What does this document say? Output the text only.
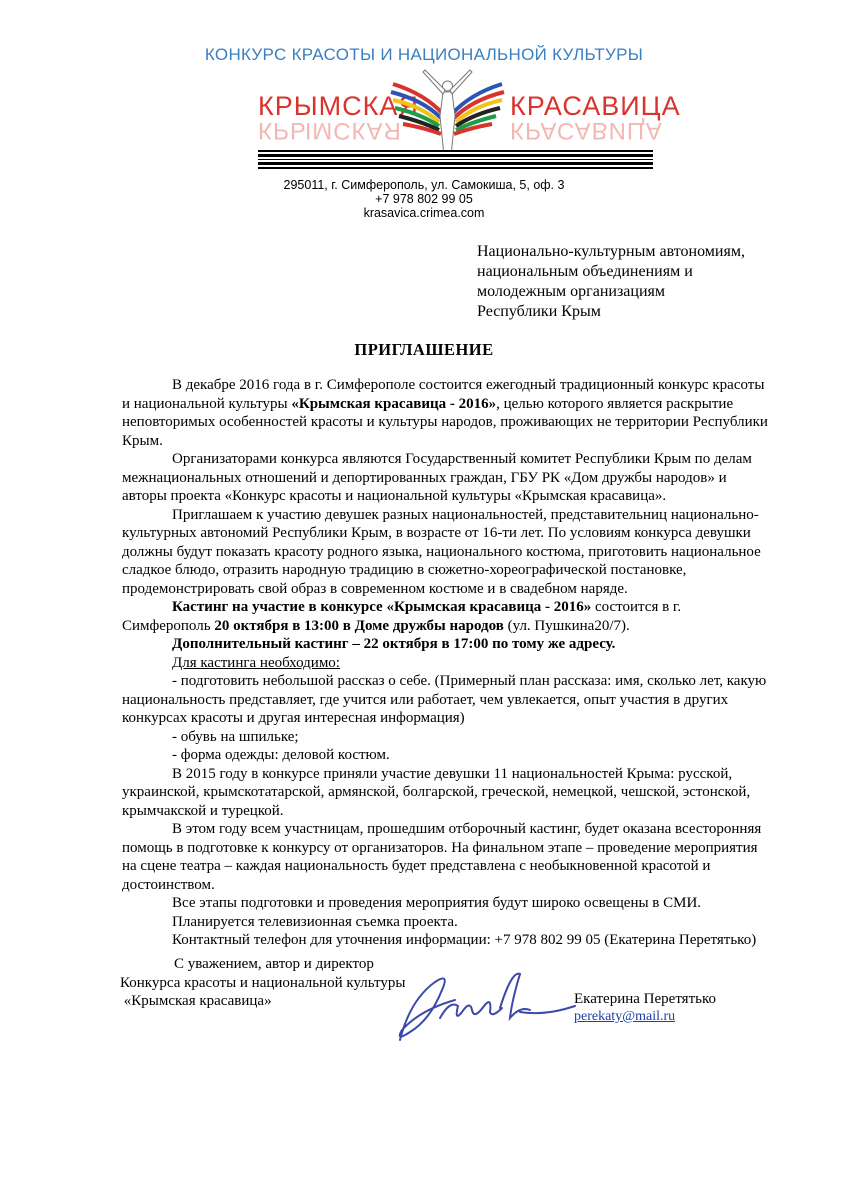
КОНКУРС КРАСОТЫ И НАЦИОНАЛЬНОЙ КУЛЬТУРЫ
КРЫМСКАЯ	КРАСАВИЦА
КРЫМСКАЯ	КРАСАВИЦА
295011, г. Симферополь, ул. Самокиша, 5, оф. 3
+7 978 802 99 05
krasavica.crimea.com
Национально-культурным автономиям,
национальным объединениям и
молодежным организациям
Республики Крым
ПРИГЛАШЕНИЕ

В декабре 2016 года в г. Симферополе состоится ежегодный традиционный конкурс красоты и национальной культуры «Крымская красавица - 2016», целью которого является раскрытие неповторимых особенностей красоты и культуры народов, проживающих не территории Республики Крым.

Организаторами конкурса являются Государственный комитет Республики Крым по делам межнациональных отношений и депортированных граждан, ГБУ РК «Дом дружбы народов» и авторы проекта «Конкурс красоты и национальной культуры «Крымская красавица».

Приглашаем к участию девушек разных национальностей, представительниц национально-культурных автономий Республики Крым, в возрасте от 16-ти лет. По условиям конкурса девушки должны будут показать красоту родного языка, национального костюма, приготовить национальное сладкое блюдо, отразить народную традицию в сюжетно-хореографической постановке, продемонстрировать свой образ в современном костюме и в свадебном наряде.

Кастинг на участие в конкурсе «Крымская красавица - 2016» состоится в г. Симферополь 20 октября в 13:00 в Доме дружбы народов (ул. Пушкина20/7).

Дополнительный кастинг – 22 октября в 17:00 по тому же адресу.

Для кастинга необходимо:

- подготовить небольшой рассказ о себе. (Примерный план рассказа: имя, сколько лет, какую национальность представляет, где учится или работает, чем увлекается, опыт участия в других конкурсах красоты и другая интересная информация)

- обувь на шпильке;

- форма одежды: деловой костюм.

В 2015 году в конкурсе приняли участие девушки 11 национальностей Крыма: русской, украинской, крымскотатарской, армянской, болгарской, греческой, немецкой, чешской, эстонской, крымчакской и турецкой.

В этом году всем участницам, прошедшим отборочный кастинг, будет оказана всесторонняя помощь в подготовке к конкурсу от организаторов. На финальном этапе – проведение мероприятия на сцене театра – каждая национальность будет представлена с необыкновенной красотой и достоинством.

Все этапы подготовки и проведения мероприятия будут широко освещены в СМИ.

Планируется телевизионная съемка проекта.

Контактный телефон для уточнения информации: +7 978 802 99 05 (Екатерина Перетятько)

С уважением, автор и директор
Конкурса красоты и национальной культуры
«Крымская красавица»	Екатерина Перетятько
perekaty@mail.ru
